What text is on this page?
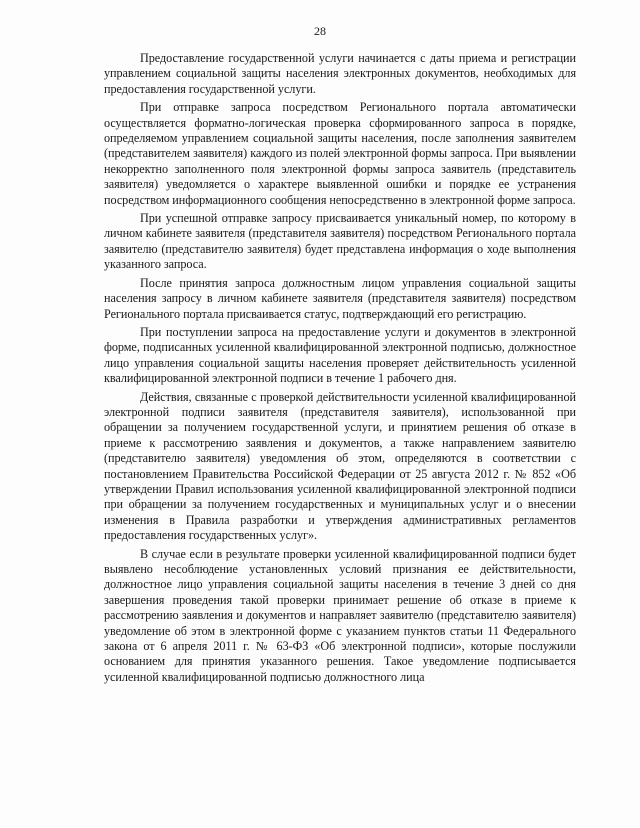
28

Предоставление государственной услуги начинается с даты приема и регистрации управлением социальной защиты населения электронных документов, необходимых для предоставления государственной услуги.

При отправке запроса посредством Регионального портала автоматически осуществляется форматно-логическая проверка сформированного запроса в порядке, определяемом управлением социальной защиты населения, после заполнения заявителем (представителем заявителя) каждого из полей электронной формы запроса. При выявлении некорректно заполненного поля электронной формы запроса заявитель (представитель заявителя) уведомляется о характере выявленной ошибки и порядке ее устранения посредством информационного сообщения непосредственно в электронной форме запроса.

При успешной отправке запросу присваивается уникальный номер, по которому в личном кабинете заявителя (представителя заявителя) посредством Регионального портала заявителю (представителю заявителя) будет представлена информация о ходе выполнения указанного запроса.

После принятия запроса должностным лицом управления социальной защиты населения запросу в личном кабинете заявителя (представителя заявителя) посредством Регионального портала присваивается статус, подтверждающий его регистрацию.

При поступлении запроса на предоставление услуги и документов в электронной форме, подписанных усиленной квалифицированной электронной подписью, должностное лицо управления социальной защиты населения проверяет действительность усиленной квалифицированной электронной подписи в течение 1 рабочего дня.

Действия, связанные с проверкой действительности усиленной квалифицированной электронной подписи заявителя (представителя заявителя), использованной при обращении за получением государственной услуги, и принятием решения об отказе в приеме к рассмотрению заявления и документов, а также направлением заявителю (представителю заявителя) уведомления об этом, определяются в соответствии с постановлением Правительства Российской Федерации от 25 августа 2012 г. № 852 «Об утверждении Правил использования усиленной квалифицированной электронной подписи при обращении за получением государственных и муниципальных услуг и о внесении изменения в Правила разработки и утверждения административных регламентов предоставления государственных услуг».

В случае если в результате проверки усиленной квалифицированной подписи будет выявлено несоблюдение установленных условий признания ее действительности, должностное лицо управления социальной защиты населения в течение 3 дней со дня завершения проведения такой проверки принимает решение об отказе в приеме к рассмотрению заявления и документов и направляет заявителю (представителю заявителя) уведомление об этом в электронной форме с указанием пунктов статьи 11 Федерального закона от 6 апреля 2011 г. № 63-ФЗ «Об электронной подписи», которые послужили основанием для принятия указанного решения. Такое уведомление подписывается усиленной квалифицированной подписью должностного лица
